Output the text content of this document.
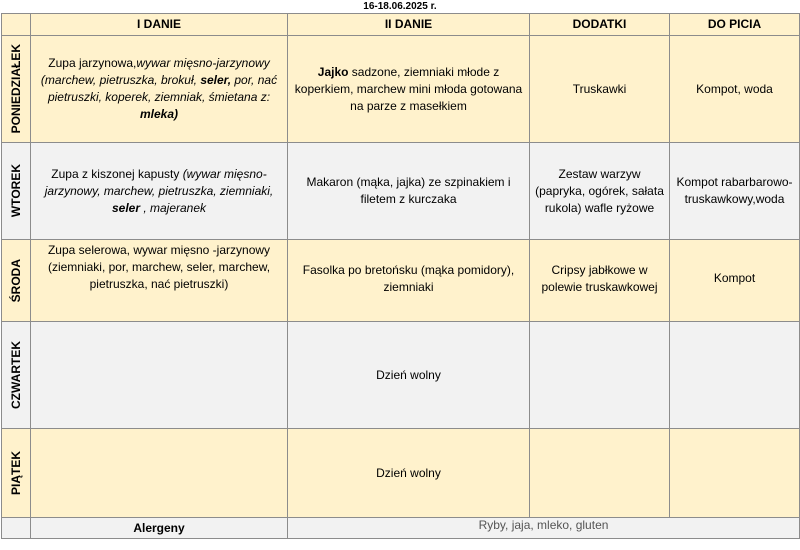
16-18.06.2025 r.
	I DANIE	II DANIE	DODATKI	DO PICIA

PONIEDZIAŁEK	Zupa jarzynowa,wywar mięsno-jarzynowy (marchew, pietruszka, brokuł, seler, por, nać pietruszki, koperek, ziemniak, śmietana z: mleka)	Jajko sadzone, ziemniaki młode z koperkiem, marchew mini młoda gotowana na parze z masełkiem	Truskawki	Kompot, woda

WTOREK	Zupa z kiszonej kapusty (wywar mięsno-jarzynowy, marchew, pietruszka, ziemniaki, seler , majeranek	Makaron (mąka, jajka) ze szpinakiem i filetem z kurczaka	Zestaw warzyw (papryka, ogórek, sałata rukola) wafle ryżowe	Kompot rabarbarowo-truskawkowy,woda

ŚRODA	Zupa selerowa, wywar mięsno -jarzynowy (ziemniaki, por, marchew, seler, marchew, pietruszka, nać pietruszki)	Fasolka po bretońsku (mąka pomidory), ziemniaki	Cripsy jabłkowe w polewie truskawkowej	Kompot

CZWARTEK		Dzień wolny		

PIĄTEK		Dzień wolny		
	Alergeny	Ryby, jaja, mleko, gluten		
